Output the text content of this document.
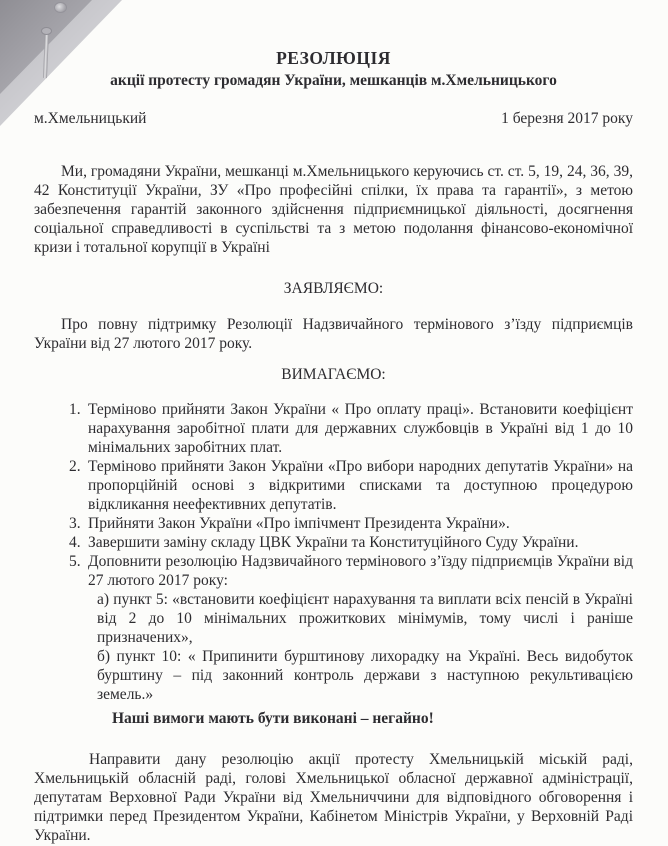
РЕЗОЛЮЦІЯ
акції протесту громадян України, мешканців м.Хмельницького
м.Хмельницький	1 березня 2017 року

Ми, громадяни України, мешканці м.Хмельницького керуючись ст. ст. 5, 19, 24, 36, 39, 42 Конституції України, ЗУ «Про професійні спілки, їх права та гарантії», з метою забезпечення гарантій законного здійснення підприємницької діяльності, досягнення соціальної справедливості в суспільстві та з метою подолання фінансово-економічної кризи і тотальної корупції в Україні

ЗАЯВЛЯЄМО:

Про повну підтримку Резолюції Надзвичайного термінового з’їзду підприємців України від 27 лютого 2017 року.

ВИМАГАЄМО:
1. Терміново прийняти Закон України « Про оплату праці». Встановити коефіцієнт нарахування заробітної плати для державних службовців в Україні від 1 до 10 мінімальних заробітних плат.
2. Терміново прийняти Закон України «Про вибори народних депутатів України» на пропорційній основі з відкритими списками та доступною процедурою відкликання неефективних депутатів.
3. Прийняти Закон України «Про імпічмент Президента України».
4. Завершити заміну складу ЦВК України та Конституційного Суду України.
5. Доповнити резолюцію Надзвичайного термінового з’їзду підприємців України від 27 лютого 2017 року:
а) пункт 5: «встановити коефіцієнт нарахування та виплати всіх пенсій в Україні від 2 до 10 мінімальних прожиткових мінімумів, тому числі і раніше призначених»,
б) пункт 10: « Припинити бурштинову лихорадку на Україні. Весь видобуток бурштину – під законний контроль держави з наступною рекультивацією земель.»

Наші вимоги мають бути виконані – негайно!

Направити дану резолюцію акції протесту Хмельницькій міській раді, Хмельницькій обласній раді, голові Хмельницької обласної державної адміністрації, депутатам Верховної Ради України від Хмельниччини для відповідного обговорення і підтримки перед Президентом України, Кабінетом Міністрів України, у Верховній Раді України.
